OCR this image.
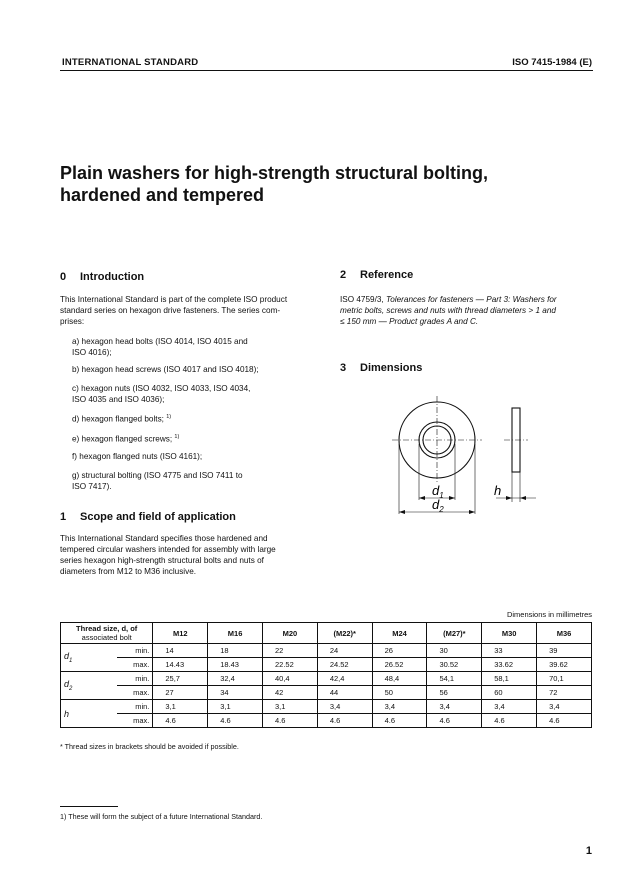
INTERNATIONAL STANDARD	ISO 7415-1984 (E)
Plain washers for high-strength structural bolting,
hardened and tempered
0 Introduction
This International Standard is part of the complete ISO product
standard series on hexagon drive fasteners. The series com-
prises:
a) hexagon head bolts (ISO 4014, ISO 4015 and
ISO 4016);
b) hexagon head screws (ISO 4017 and ISO 4018);
c) hexagon nuts (ISO 4032, ISO 4033, ISO 4034,
ISO 4035 and ISO 4036);
d) hexagon flanged bolts; $^{1)}$
e) hexagon flanged screws; $^{1)}$
f) hexagon flanged nuts (ISO 4161);
g) structural bolting (ISO 4775 and ISO 7411 to
ISO 7417).
1 Scope and field of application
This International Standard specifies those hardened and
tempered circular washers intended for assembly with large
series hexagon high-strength structural bolts and nuts of
diameters from M12 to M36 inclusive.
2 Reference
ISO 4759/3, Tolerances for fasteners — Part 3: Washers for
metric bolts, screws and nuts with thread diameters > 1 and
≤ 150 mm — Product grades A and C.
3 Dimensions
$d_1$
$d_2$
h
Dimensions in millimetres
Thread size, d, of
associated bolt		M12	M16	M20	(M22)*	M24	(M27)*	M30	M36
$d_1$	min.	14	18	22	24	26	30	33	39
	max.	14.43	18.43	22.52	24.52	26.52	30.52	33.62	39.62
$d_2$	min.	25,7	32,4	40,4	42,4	48,4	54,1	58,1	70,1
	max.	27	34	42	44	50	56	60	72
h	min.	3,1	3,1	3,1	3,4	3,4	3,4	3,4	3,4
	max.	4.6	4.6	4.6	4.6	4.6	4.6	4.6	4.6
* Thread sizes in brackets should be avoided if possible.
1) These will form the subject of a future International Standard.
1
